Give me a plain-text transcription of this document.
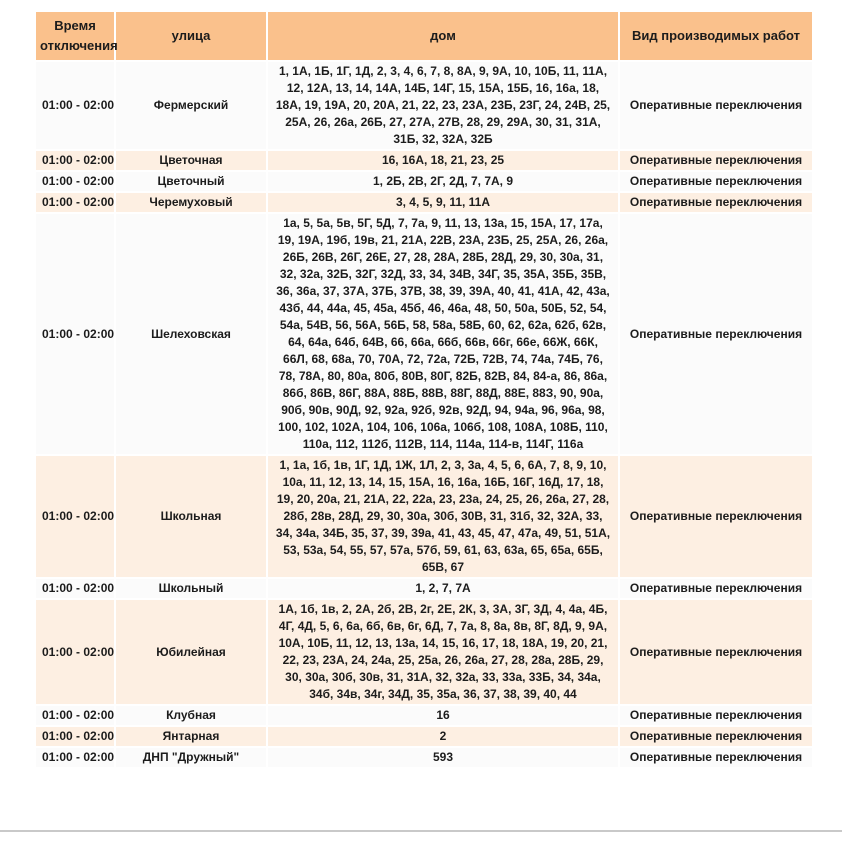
Время отключения	улица	дом	Вид производимых работ
01:00 - 02:00	Фермерский	1, 1А, 1Б, 1Г, 1Д, 2, 3, 4, 6, 7, 8, 8А, 9, 9А, 10, 10Б, 11, 11А, 12, 12А, 13, 14, 14А, 14Б, 14Г, 15, 15А, 15Б, 16, 16а, 18, 18А, 19, 19А, 20, 20А, 21, 22, 23, 23А, 23Б, 23Г, 24, 24В, 25, 25А, 26, 26а, 26Б, 27, 27А, 27В, 28, 29, 29А, 30, 31, 31А, 31Б, 32, 32А, 32Б	Оперативные переключения
01:00 - 02:00	Цветочная	16, 16А, 18, 21, 23, 25	Оперативные переключения
01:00 - 02:00	Цветочный	1, 2Б, 2В, 2Г, 2Д, 7, 7А, 9	Оперативные переключения
01:00 - 02:00	Черемуховый	3, 4, 5, 9, 11, 11А	Оперативные переключения
01:00 - 02:00	Шелеховская	1а, 5, 5а, 5в, 5Г, 5Д, 7, 7а, 9, 11, 13, 13а, 15, 15А, 17, 17а, 19, 19А, 19б, 19в, 21, 21А, 22В, 23А, 23Б, 25, 25А, 26, 26а, 26Б, 26В, 26Г, 26Е, 27, 28, 28А, 28Б, 28Д, 29, 30, 30а, 31, 32, 32а, 32Б, 32Г, 32Д, 33, 34, 34В, 34Г, 35, 35А, 35Б, 35В, 36, 36а, 37, 37А, 37Б, 37В, 38, 39, 39А, 40, 41, 41А, 42, 43а, 43б, 44, 44а, 45, 45а, 45б, 46, 46а, 48, 50, 50а, 50Б, 52, 54, 54а, 54В, 56, 56А, 56Б, 58, 58а, 58Б, 60, 62, 62а, 62б, 62в, 64, 64а, 64б, 64В, 66, 66а, 66б, 66в, 66г, 66е, 66Ж, 66К, 66Л, 68, 68а, 70, 70А, 72, 72а, 72Б, 72В, 74, 74а, 74Б, 76, 78, 78А, 80, 80а, 80б, 80В, 80Г, 82Б, 82В, 84, 84-а, 86, 86а, 86б, 86В, 86Г, 88А, 88Б, 88В, 88Г, 88Д, 88Е, 88З, 90, 90а, 90б, 90в, 90Д, 92, 92а, 92б, 92в, 92Д, 94, 94а, 96, 96а, 98, 100, 102, 102А, 104, 106, 106а, 106б, 108, 108А, 108Б, 110, 110а, 112, 112б, 112В, 114, 114а, 114-в, 114Г, 116а	Оперативные переключения
01:00 - 02:00	Школьная	1, 1а, 1б, 1в, 1Г, 1Д, 1Ж, 1Л, 2, 3, 3а, 4, 5, 6, 6А, 7, 8, 9, 10, 10а, 11, 12, 13, 14, 15, 15А, 16, 16а, 16Б, 16Г, 16Д, 17, 18, 19, 20, 20а, 21, 21А, 22, 22а, 23, 23а, 24, 25, 26, 26а, 27, 28, 28б, 28в, 28Д, 29, 30, 30а, 30б, 30В, 31, 31б, 32, 32А, 33, 34, 34а, 34Б, 35, 37, 39, 39а, 41, 43, 45, 47, 47а, 49, 51, 51А, 53, 53а, 54, 55, 57, 57а, 57б, 59, 61, 63, 63а, 65, 65а, 65Б, 65В, 67	Оперативные переключения
01:00 - 02:00	Школьный	1, 2, 7, 7А	Оперативные переключения
01:00 - 02:00	Юбилейная	1А, 1б, 1в, 2, 2А, 2б, 2В, 2г, 2Е, 2К, 3, 3А, 3Г, 3Д, 4, 4а, 4Б, 4Г, 4Д, 5, 6, 6а, 6б, 6в, 6г, 6Д, 7, 7а, 8, 8а, 8в, 8Г, 8Д, 9, 9А, 10А, 10Б, 11, 12, 13, 13а, 14, 15, 16, 17, 18, 18А, 19, 20, 21, 22, 23, 23А, 24, 24а, 25, 25а, 26, 26а, 27, 28, 28а, 28Б, 29, 30, 30а, 30б, 30в, 31, 31А, 32, 32а, 33, 33а, 33Б, 34, 34а, 34б, 34в, 34г, 34Д, 35, 35а, 36, 37, 38, 39, 40, 44	Оперативные переключения
01:00 - 02:00	Клубная	16	Оперативные переключения
01:00 - 02:00	Янтарная	2	Оперативные переключения
01:00 - 02:00	ДНП "Дружный"	593	Оперативные переключения
